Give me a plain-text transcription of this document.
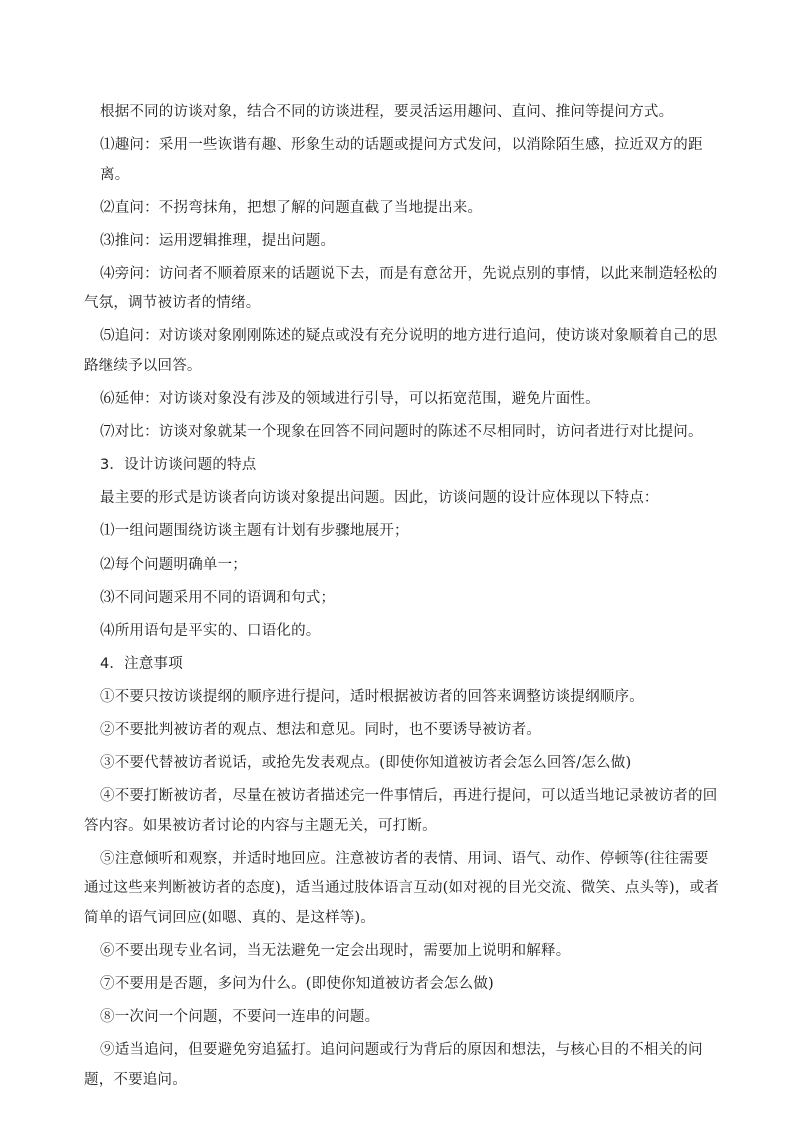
根据不同的访谈对象，结合不同的访谈进程，要灵活运用趣问、直问、推问等提问方式。

⑴趣问：采用一些诙谐有趣、形象生动的话题或提问方式发问，以消除陌生感，拉近双方的距离。

⑵直问：不拐弯抹角，把想了解的问题直截了当地提出来。

⑶推问：运用逻辑推理，提出问题。

⑷旁问：访问者不顺着原来的话题说下去，而是有意岔开，先说点别的事情，以此来制造轻松的气氛，调节被访者的情绪。

⑸追问：对访谈对象刚刚陈述的疑点或没有充分说明的地方进行追问，使访谈对象顺着自己的思路继续予以回答。

⑹延伸：对访谈对象没有涉及的领域进行引导，可以拓宽范围，避免片面性。

⑺对比：访谈对象就某一个现象在回答不同问题时的陈述不尽相同时，访问者进行对比提问。

3．设计访谈问题的特点

最主要的形式是访谈者向访谈对象提出问题。因此，访谈问题的设计应体现以下特点：

⑴一组问题围绕访谈主题有计划有步骤地展开；

⑵每个问题明确单一；

⑶不同问题采用不同的语调和句式；

⑷所用语句是平实的、口语化的。

4．注意事项

①不要只按访谈提纲的顺序进行提问，适时根据被访者的回答来调整访谈提纲顺序。

②不要批判被访者的观点、想法和意见。同时，也不要诱导被访者。

③不要代替被访者说话，或抢先发表观点。(即使你知道被访者会怎么回答/怎么做)

④不要打断被访者，尽量在被访者描述完一件事情后，再进行提问，可以适当地记录被访者的回答内容。如果被访者讨论的内容与主题无关，可打断。

⑤注意倾听和观察，并适时地回应。注意被访者的表情、用词、语气、动作、停顿等(往往需要通过这些来判断被访者的态度)，适当通过肢体语言互动(如对视的目光交流、微笑、点头等)，或者简单的语气词回应(如嗯、真的、是这样等)。

⑥不要出现专业名词，当无法避免一定会出现时，需要加上说明和解释。

⑦不要用是否题，多问为什么。(即使你知道被访者会怎么做)

⑧一次问一个问题，不要问一连串的问题。

⑨适当追问，但要避免穷追猛打。追问问题或行为背后的原因和想法，与核心目的不相关的问题，不要追问。
